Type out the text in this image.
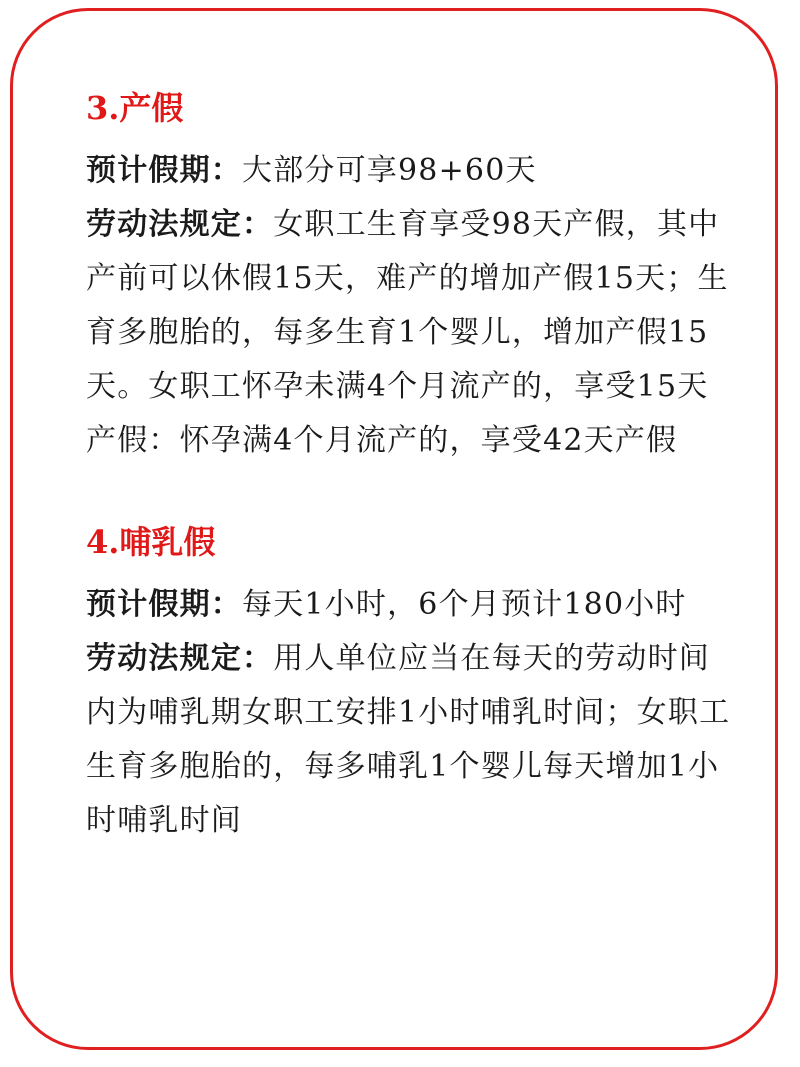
3.产假

预计假期：大部分可享98+60天

劳动法规定：女职工生育享受98天产假，其中产前可以休假15天，难产的增加产假15天；生育多胞胎的，每多生育1个婴儿，增加产假15天。女职工怀孕未满4个月流产的，享受15天产假：怀孕满4个月流产的，享受42天产假

4.哺乳假

预计假期：每天1小时，6个月预计180小时

劳动法规定：用人单位应当在每天的劳动时间内为哺乳期女职工安排1小时哺乳时间；女职工生育多胞胎的，每多哺乳1个婴儿每天增加1小时哺乳时间
